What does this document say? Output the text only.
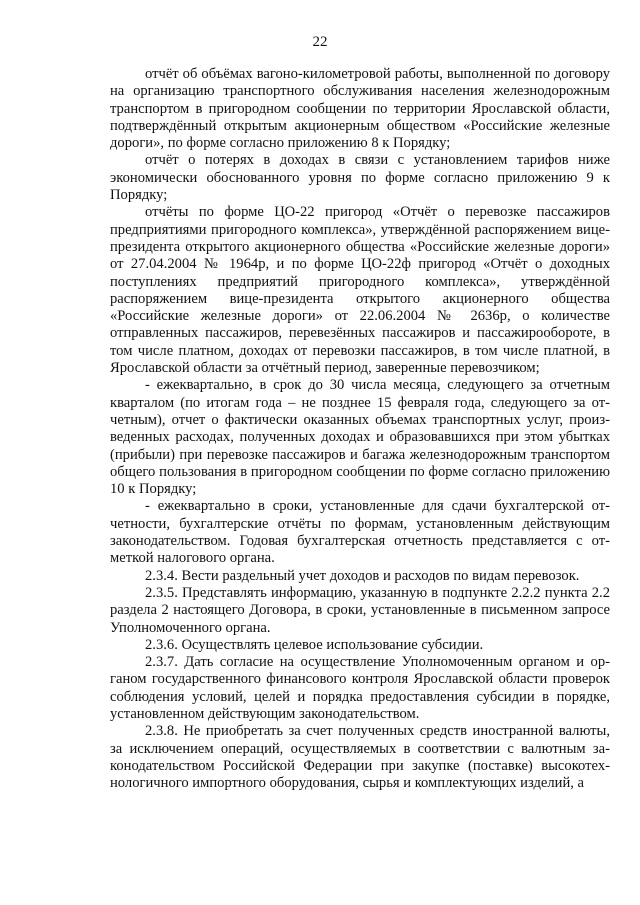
22

отчёт об объёмах вагоно-километровой работы, выполненной по договору на организацию транспортного обслуживания населения железнодорожным транспортом в пригородном сообщении по территории Ярославской области, подтверждённый открытым акционерным обществом «Российские железные дороги», по форме согласно приложению 8 к Порядку;

отчёт о потерях в доходах в связи с установлением тарифов ниже экономически обоснованного уровня по форме согласно приложению 9 к Порядку;

отчёты по форме ЦО-22 пригород «Отчёт о перевозке пассажиров предприятиями пригородного комплекса», утверждённой распоряжением вице-президента открытого акционерного общества «Российские железные дороги» от 27.04.2004 № 1964р, и по форме ЦО-22ф пригород «Отчёт о доходных поступлениях предприятий пригородного комплекса», утверждённой распоряжением вице-президента открытого акционерного общества «Российские железные дороги» от 22.06.2004 № 2636р, о количестве отправленных пассажиров, перевезённых пассажиров и пассажирообороте, в том числе платном, доходах от перевозки пассажиров, в том числе платной, в Ярославской области за отчётный период, заверенные перевозчиком;

- ежеквартально, в срок до 30 числа месяца, следующего за отчетным кварталом (по итогам года – не позднее 15 февраля года, следующего за отчетным), отчет о фактически оказанных объемах транспортных услуг, произведенных расходах, полученных доходах и образовавшихся при этом убытках (прибыли) при перевозке пассажиров и багажа железнодорожным транспортом общего пользования в пригородном сообщении по форме согласно приложению 10 к Порядку;

- ежеквартально в сроки, установленные для сдачи бухгалтерской отчетности, бухгалтерские отчёты по формам, установленным действующим законодательством. Годовая бухгалтерская отчетность представляется с отметкой налогового органа.

2.3.4. Вести раздельный учет доходов и расходов по видам перевозок.

2.3.5. Представлять информацию, указанную в подпункте 2.2.2 пункта 2.2 раздела 2 настоящего Договора, в сроки, установленные в письменном запросе Уполномоченного органа.

2.3.6. Осуществлять целевое использование субсидии.

2.3.7. Дать согласие на осуществление Уполномоченным органом и органом государственного финансового контроля Ярославской области проверок соблюдения условий, целей и порядка предоставления субсидии в порядке, установленном действующим законодательством.

2.3.8. Не приобретать за счет полученных средств иностранной валюты, за исключением операций, осуществляемых в соответствии с валютным законодательством Российской Федерации при закупке (поставке) высокотехнологичного импортного оборудования, сырья и комплектующих изделий, а
